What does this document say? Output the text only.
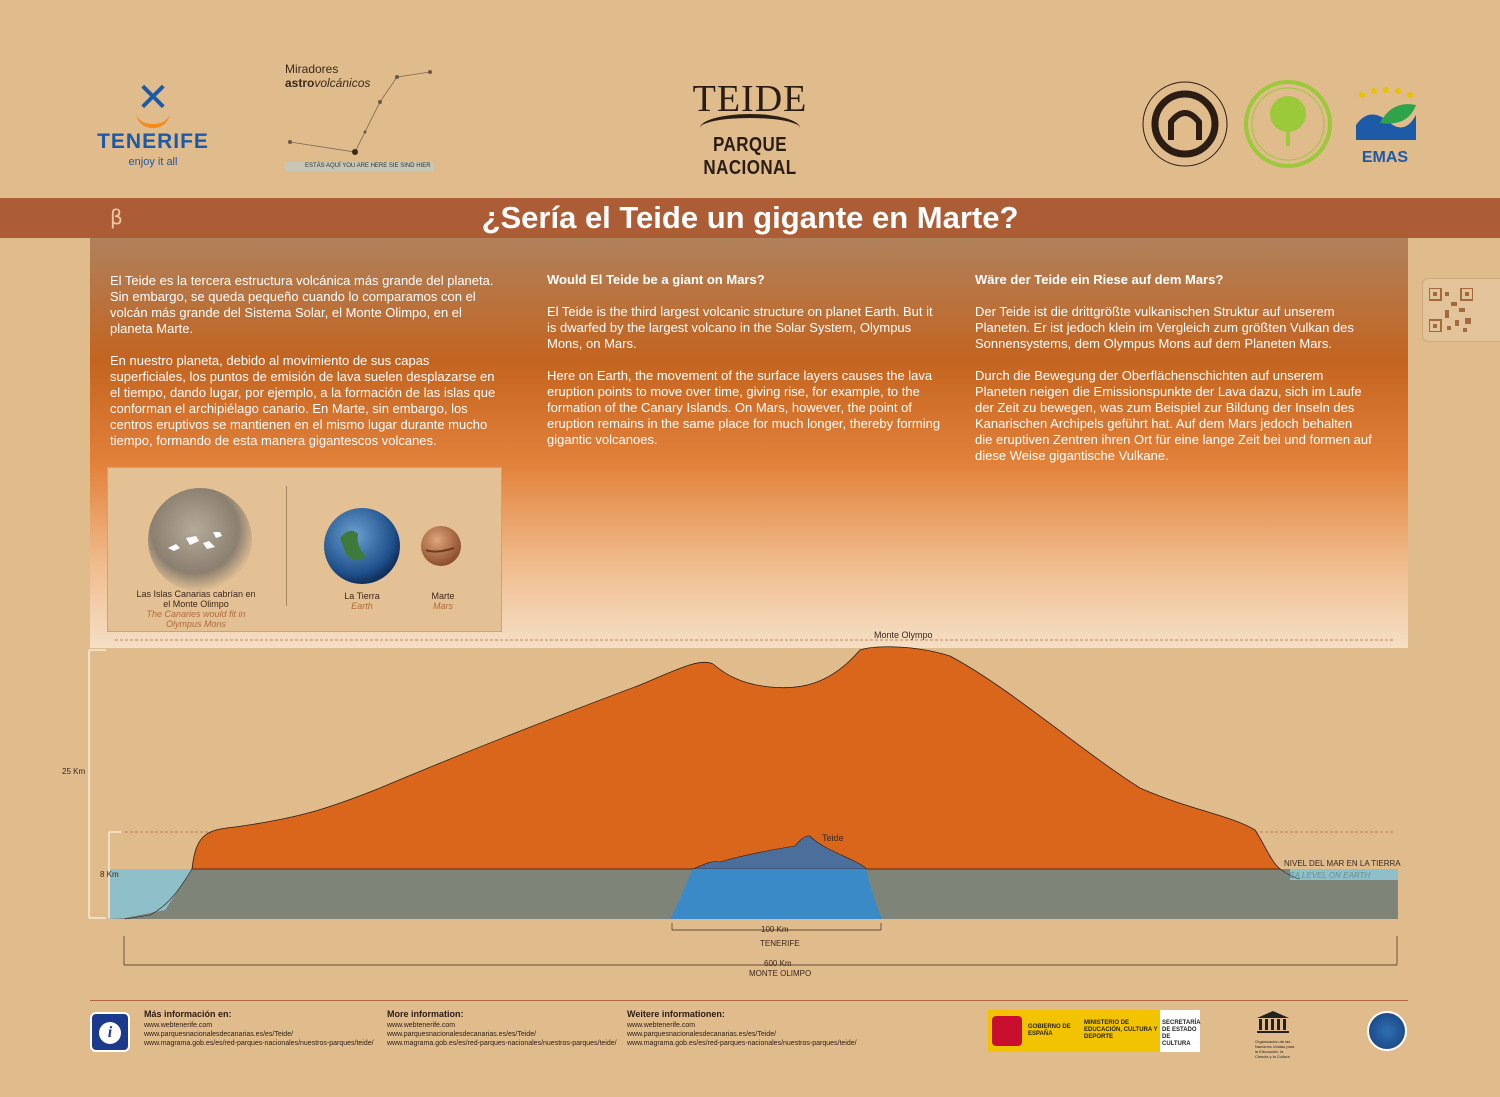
✕
TENERIFE
enjoy it all
Miradores
astrovolcánicos
ESTÁS AQUÍ YOU ARE HERE SIE SIND HIER
TEIDE
PARQUE NACIONAL	EMAS
β	¿Sería el Teide un gigante en Marte?

El Teide es la tercera estructura volcánica más grande del planeta. Sin embargo, se queda pequeño cuando lo comparamos con el volcán más grande del Sistema Solar, el Monte Olimpo, en el planeta Marte.

En nuestro planeta, debido al movimiento de sus capas superficiales, los puntos de emisión de lava suelen desplazarse en el tiempo, dando lugar, por ejemplo, a la formación de las islas que conforman el archipiélago canario. En Marte, sin embargo, los centros eruptivos se mantienen en el mismo lugar durante mucho tiempo, formando de esta manera gigantescos volcanes.

Would El Teide be a giant on Mars?

El Teide is the third largest volcanic structure on planet Earth. But it is dwarfed by the largest volcano in the Solar System, Olympus Mons, on Mars.

Here on Earth, the movement of the surface layers causes the lava eruption points to move over time, giving rise, for example, to the formation of the Canary Islands. On Mars, however, the point of eruption remains in the same place for much longer, thereby forming gigantic volcanoes.

Wäre der Teide ein Riese auf dem Mars?

Der Teide ist die drittgrößte vulkanischen Struktur auf unserem Planeten. Er ist jedoch klein im Vergleich zum größten Vulkan des Sonnensystems, dem Olympus Mons auf dem Planeten Mars.

Durch die Bewegung der Oberflächenschichten auf unserem Planeten neigen die Emissionspunkte der Lava dazu, sich im Laufe der Zeit zu bewegen, was zum Beispiel zur Bildung der Inseln des Kanarischen Archipels geführt hat. Auf dem Mars jedoch behalten die eruptiven Zentren ihren Ort für eine lange Zeit bei und formen auf diese Weise gigantische Vulkane.

Las Islas Canarias cabrían en el Monte Olimpo
The Canaries would fit in Olympus Mons
La Tierra
Earth
Marte
Mars
Monte Olympo
Teide
25 Km
8 Km
NIVEL DEL MAR EN LA TIERRA
SEA LEVEL ON EARTH
100 Km
TENERIFE
600 Km
MONTE OLIMPO
i
Más información en:
www.webtenerife.com
www.parquesnacionalesdecanarias.es/es/Teide/
www.magrama.gob.es/es/red-parques-nacionales/nuestros-parques/teide/
More information:
www.webtenerife.com
www.parquesnacionalesdecanarias.es/es/Teide/
www.magrama.gob.es/es/red-parques-nacionales/nuestros-parques/teide/
Weitere informationen:
www.webtenerife.com
www.parquesnacionalesdecanarias.es/es/Teide/
www.magrama.gob.es/es/red-parques-nacionales/nuestros-parques/teide/
GOBIERNO DE ESPAÑA
MINISTERIO DE EDUCACIÓN, CULTURA Y DEPORTE
SECRETARÍA DE ESTADO DE CULTURA	Organización de las Naciones Unidas para la Educación, la Ciencia y la Cultura
